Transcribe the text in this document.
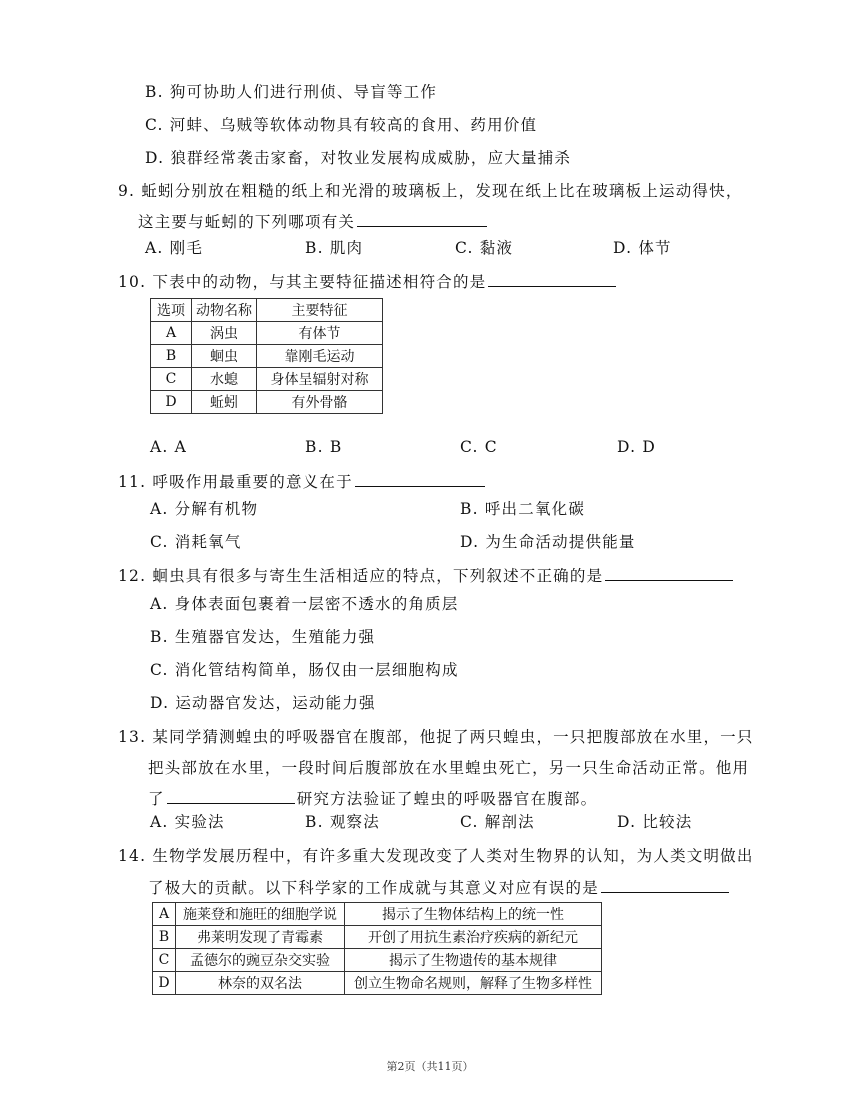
B. 狗可协助人们进行刑侦、导盲等工作
C. 河蚌、乌贼等软体动物具有较高的食用、药用价值
D. 狼群经常袭击家畜，对牧业发展构成威胁，应大量捕杀
9. 蚯蚓分别放在粗糙的纸上和光滑的玻璃板上，发现在纸上比在玻璃板上运动得快，
这主要与蚯蚓的下列哪项有关
A. 刚毛	B. 肌肉	C. 黏液	D. 体节
10. 下表中的动物，与其主要特征描述相符合的是
选项	动物名称	主要特征
A	涡虫	有体节
B	蛔虫	靠刚毛运动
C	水螅	身体呈辐射对称
D	蚯蚓	有外骨骼
A. A	B. B	C. C	D. D
11. 呼吸作用最重要的意义在于
A. 分解有机物	B. 呼出二氧化碳
C. 消耗氧气	D. 为生命活动提供能量
12. 蛔虫具有很多与寄生生活相适应的特点，下列叙述不正确的是
A. 身体表面包裹着一层密不透水的角质层
B. 生殖器官发达，生殖能力强
C. 消化管结构简单，肠仅由一层细胞构成
D. 运动器官发达，运动能力强
13. 某同学猜测蝗虫的呼吸器官在腹部，他捉了两只蝗虫，一只把腹部放在水里，一只
把头部放在水里，一段时间后腹部放在水里蝗虫死亡，另一只生命活动正常。他用
了	研究方法验证了蝗虫的呼吸器官在腹部。
A. 实验法	B. 观察法	C. 解剖法	D. 比较法
14. 生物学发展历程中，有许多重大发现改变了人类对生物界的认知，为人类文明做出
了极大的贡献。以下科学家的工作成就与其意义对应有误的是
A	施莱登和施旺的细胞学说	揭示了生物体结构上的统一性
B	弗莱明发现了青霉素	开创了用抗生素治疗疾病的新纪元
C	孟德尔的豌豆杂交实验	揭示了生物遗传的基本规律
D	林奈的双名法	创立生物命名规则，解释了生物多样性
第2页（共11页）
